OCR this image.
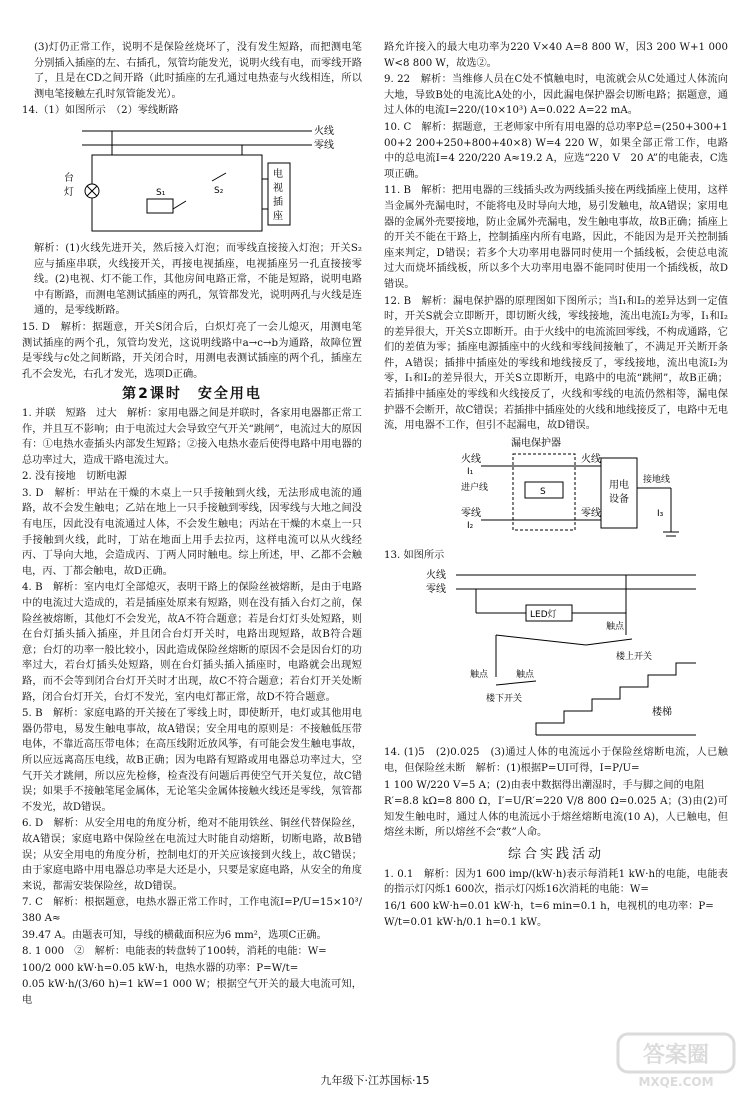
(3)灯仍正常工作，说明不是保险丝烧坏了，没有发生短路，而把测电笔分别插入插座的左、右插孔，氖管均能发光，说明火线有电，而零线开路了，且是在CD之间开路（此时插座的左孔通过电热壶与火线相连，所以测电笔接触左孔时氖管能发光）。

14.（1）如图所示　（2）零线断路

火线
零线
台
灯	S₁	S₂
电
视
插
座

解析：(1)火线先进开关，然后接入灯泡；而零线直接接入灯泡；开关S₂应与插座串联，火线接开关，再接电视插座，电视插座另一孔直接接零线。(2)电视、灯不能工作，其他房间电路正常，不能是短路，说明电路中有断路，而测电笔测试插座的两孔，氖管都发光，说明两孔与火线是连通的，是零线断路。

15. D　解析：据题意，开关S闭合后，白炽灯亮了一会儿熄灭，用测电笔测试插座的两个孔，氖管均发光，这说明线路中a→c→b为通路，故障位置是零线与c处之间断路，开关闭合时，用测电表测试插座的两个孔，插座左孔不会发光，右孔才发光，选项D正确。

第2课时　安全用电

1. 并联　短路　过大　解析：家用电器之间是并联时，各家用电器都正常工作，并且互不影响；由于电流过大会导致空气开关“跳闸”，电流过大的原因有：①电热水壶插头内部发生短路；②接入电热水壶后使得电路中用电器的总功率过大，造成干路电流过大。

2. 没有接地　切断电源

3. D　解析：甲站在干燥的木桌上一只手接触到火线，无法形成电流的通路，故不会发生触电；乙站在地上一只手接触到零线，因零线与大地之间没有电压，因此没有电流通过人体，不会发生触电；丙站在干燥的木桌上一只手接触到火线，此时，丁站在地面上用手去拉丙，这样电流可以从火线经丙、丁导向大地，会造成丙、丁两人同时触电。综上所述，甲、乙都不会触电，丙、丁都会触电，故D正确。

4. B　解析：室内电灯全部熄灭，表明干路上的保险丝被熔断，是由于电路中的电流过大造成的，若是插座处原来有短路，则在没有插入台灯之前，保险丝被熔断，其他灯不会发光，故A不符合题意；若是台灯灯头处短路，则在台灯插头插入插座，并且闭合台灯开关时，电路出现短路，故B符合题意；台灯的功率一般比较小，因此造成保险丝熔断的原因不会是因台灯的功率过大，若台灯插头处短路，则在台灯插头插入插座时，电路就会出现短路，而不会等到闭合台灯开关时才出现，故C不符合题意；若台灯开关处断路，闭合台灯开关，台灯不发光，室内电灯都正常，故D不符合题意。

5. B　解析：家庭电路的开关接在了零线上时，即使断开，电灯或其他用电器仍带电，易发生触电事故，故A错误；安全用电的原则是：不接触低压带电体，不靠近高压带电体；在高压线附近放风筝，有可能会发生触电事故，所以应远离高压电线，故B正确；因为电路有短路或用电器总功率过大，空气开关才跳闸，所以应先检修，检查没有问题后再使空气开关复位，故C错误；如果手不接触笔尾金属体，无论笔尖金属体接触火线还是零线，氖管都不发光，故D错误。

6. D　解析：从安全用电的角度分析，绝对不能用铁丝、铜丝代替保险丝，故A错误；家庭电路中保险丝在电流过大时能自动熔断，切断电路，故B错误；从安全用电的角度分析，控制电灯的开关应该接到火线上，故C错误；由于家庭电路中用电器总功率是大还是小，只要是家庭电路，从安全的角度来说，都需安装保险丝，故D错误。

7. C　解析：根据题意，电热水器正常工作时，工作电流I=P/U=15×10³/380 A≈

39.47 A。由题表可知，导线的横截面积应为6 mm²，选项C正确。

8. 1 000　②　解析：电能表的转盘转了100转，消耗的电能：W=

100/2 000 kW·h=0.05 kW·h，电热水器的功率：P=W/t=

0.05 kW·h/(3/60 h)=1 kW=1 000 W；根据空气开关的最大电流可知，电

路允许接入的最大电功率为220 V×40 A=8 800 W，因3 200 W+1 000 W<8 800 W，故选②。

9. 22　解析：当维修人员在C处不慎触电时，电流就会从C处通过人体流向大地，导致B处的电流比A处的小，因此漏电保护器会切断电路；据题意，通过人体的电流I=220/(10×10³) A=0.022 A=22 mA。

10. C　解析：据题意，王老师家中所有用电器的总功率P总=(250+300+100+2 200+250+800+40×8) W=4 220 W，如果全部正常工作，电路中的总电流I=4 220/220 A≈19.2 A，应选“220 V　20 A”的电能表，C选项正确。

11. B　解析：把用电器的三线插头改为两线插头接在两线插座上使用，这样当金属外壳漏电时，不能将电及时导向大地，易引发触电，故A错误；家用电器的金属外壳要接地，防止金属外壳漏电，发生触电事故，故B正确；插座上的开关不能在干路上，控制插座内所有电路，因此，不能因为是开关控制插座来判定，D错误；若多个大功率用电器同时使用一个插线板，会使总电流过大而烧坏插线板，所以多个大功率用电器不能同时使用一个插线板，故D错误。

12. B　解析：漏电保护器的原理图如下图所示；当I₁和I₂的差异达到一定值时，开关S就会立即断开，即切断火线，零线接地，流出电流I₂为零，I₁和I₂的差异很大，开关S立即断开。由于火线中的电流流回零线，不构成通路，它们的差值为零；插座电源插座中的火线和零线间接触了，不满足开关断开条件，A错误；插排中插座处的零线和地线接反了，零线接地，流出电流I₂为零，I₁和I₂的差异很大，开关S立即断开，电路中的电流“跳闸”，故B正确；若插排中插座处的零线和火线接反了，火线和零线的电流仍然相等，漏电保护器不会断开，故C错误；若插排中插座处的火线和地线接反了，电路中无电流，用电器不工作，但引不起漏电，故D错误。

漏电保护器
火线
I₁
进户线
零线
I₂
S
火线
零线
用电
设备
接地线
I₃

13. 如图所示

火线
零线
LED灯
触点
楼上开关
触点	触点
楼下开关
楼梯

14. (1)5　(2)0.025　(3)通过人体的电流远小于保险丝熔断电流，人已触电，但保险丝未断　解析：(1)根据P=UI可得，I=P/U=

1 100 W/220 V=5 A；(2)由表中数据得出潮湿时，手与脚之间的电阻

R′=8.8 kΩ=8 800 Ω，I′=U/R′=220 V/8 800 Ω=0.025 A；(3)由(2)可知发生触电时，通过人体的电流远小于熔丝熔断电流(10 A)，人已触电，但熔丝未断，所以熔丝不会“救”人命。

综合实践活动

1. 0.1　解析：因为1 600 imp/(kW·h)表示每消耗1 kW·h的电能，电能表的指示灯闪烁1 600次，指示灯闪烁16次消耗的电能：W=

16/1 600 kW·h=0.01 kW·h，t=6 min=0.1 h，电视机的电功率：P=

W/t=0.01 kW·h/0.1 h=0.1 kW。

九年级下·江苏国标·15
答案圈
MXQE.COM
